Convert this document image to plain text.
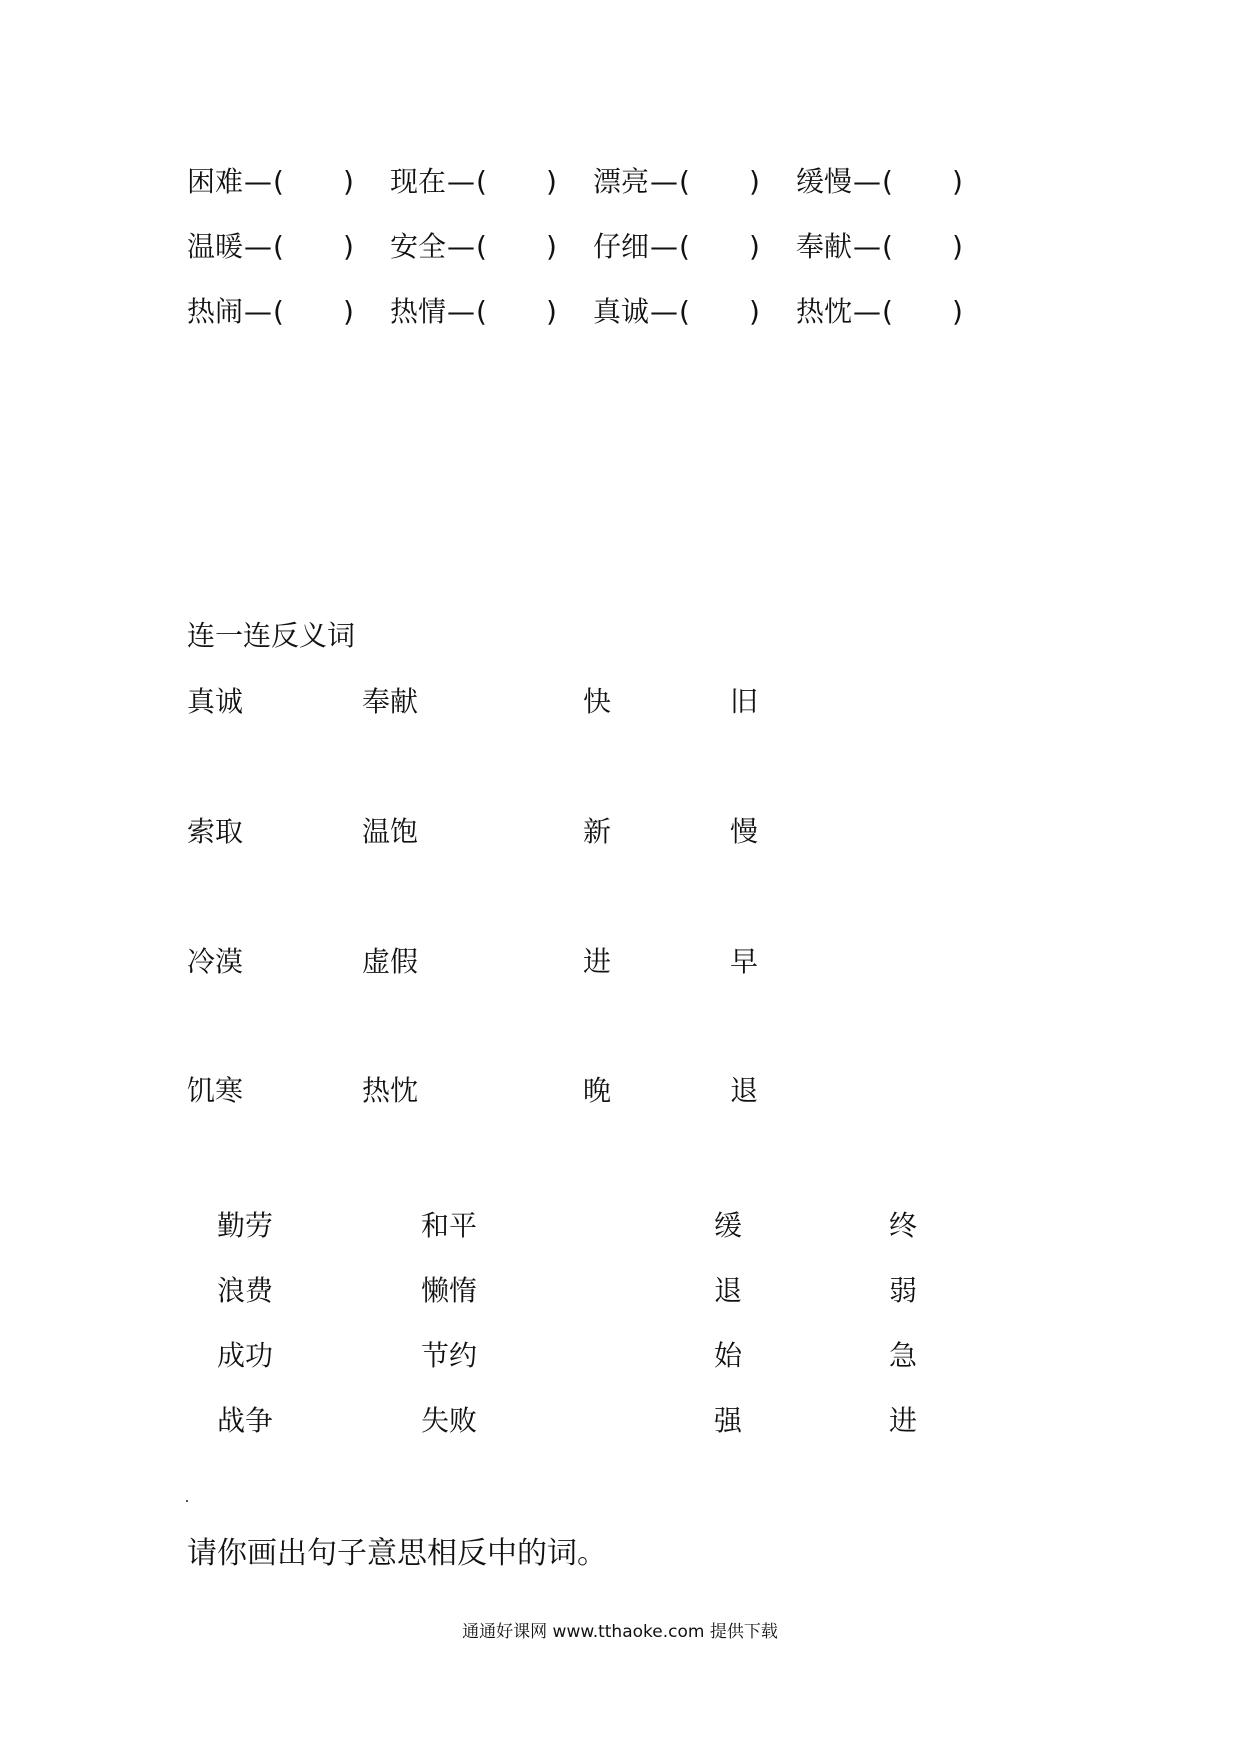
困难—( ) 现在—( ) 漂亮—( ) 缓慢—( )
温暖—( ) 安全—( ) 仔细—( ) 奉献—( )
热闹—( ) 热情—( ) 真诚—( ) 热忱—( )
连一连反义词
真诚	奉献	快	旧
索取	温饱	新	慢
冷漠	虚假	进	早
饥寒	热忱	晚	退
勤劳	和平	缓	终
浪费	懒惰	退	弱
成功	节约	始	急
战争	失败	强	进
请你画出句子意思相反中的词。
通通好课网 www.tthaoke.com 提供下载
